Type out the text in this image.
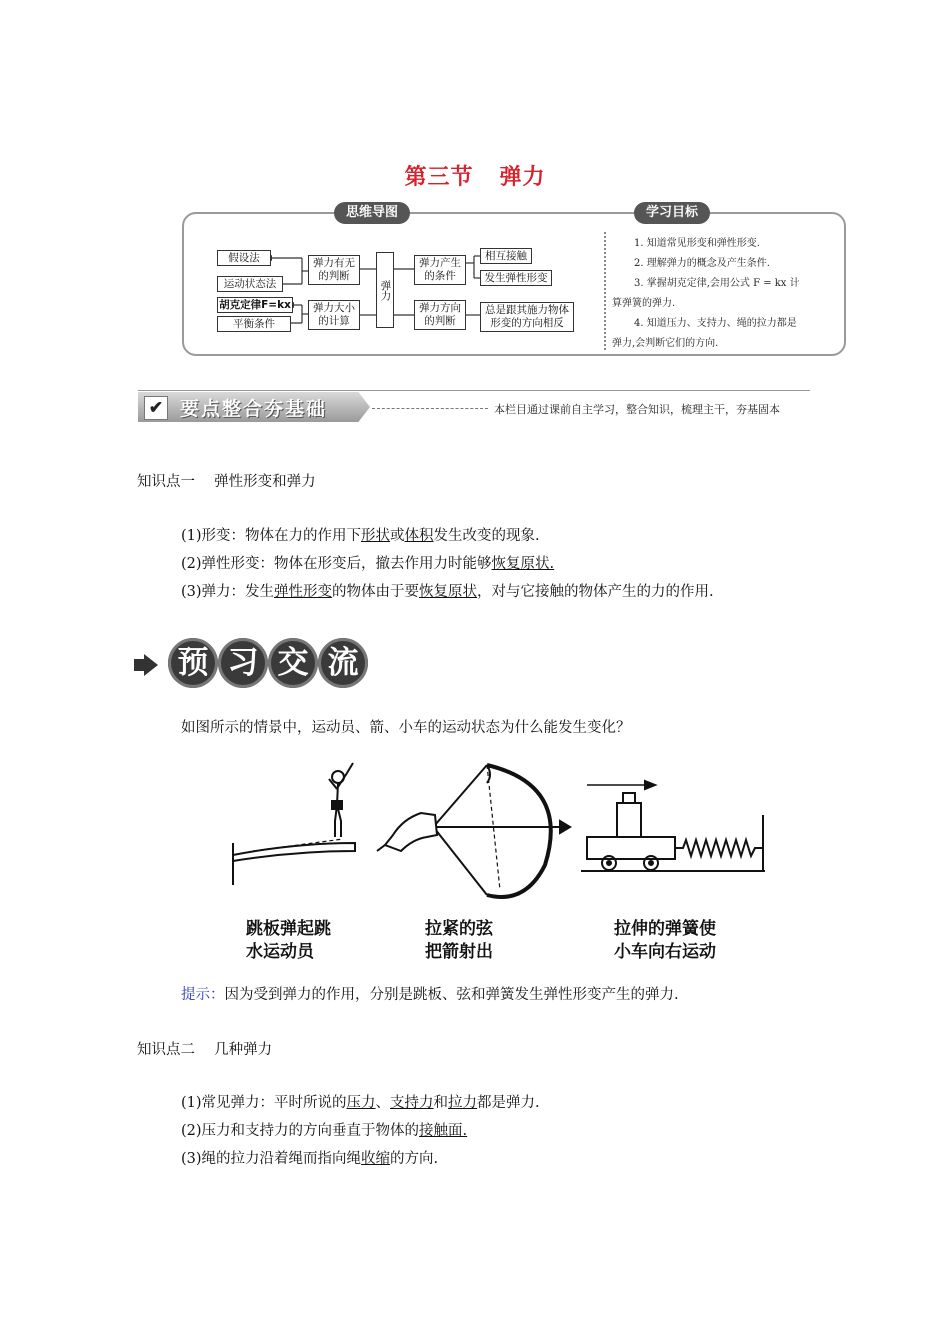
第三节 弹力
思维导图	学习目标
假设法
运动状态法
胡克定律F=kx
平衡条件
弹力有无的判断
弹力大小的计算
弹力
弹力产生的条件
弹力方向的判断
相互接触
发生弹性形变
总是跟其施力物体形变的方向相反
1. 知道常见形变和弹性形变.
2. 理解弹力的概念及产生条件.
3. 掌握胡克定律,会用公式 F = kx 计
算弹簧的弹力.
4. 知道压力、支持力、绳的拉力都是
弹力,会判断它们的方向.
✔ 要点整合夯基础	本栏目通过课前自主学习，整合知识，梳理主干，夯基固本
知识点一　 弹性形变和弹力
(1)形变：物体在力的作用下形状或体积发生改变的现象.
(2)弹性形变：物体在形变后，撤去作用力时能够恢复原状.
(3)弹力：发生弹性形变的物体由于要恢复原状，对与它接触的物体产生的力的作用.
预 习 交 流
如图所示的情景中，运动员、箭、小车的运动状态为什么能发生变化？
跳板弹起跳
水运动员
拉紧的弦
把箭射出
拉伸的弹簧使
小车向右运动
提示：因为受到弹力的作用，分别是跳板、弦和弹簧发生弹性形变产生的弹力.
知识点二　 几种弹力
(1)常见弹力：平时所说的压力、支持力和拉力都是弹力.
(2)压力和支持力的方向垂直于物体的接触面.
(3)绳的拉力沿着绳而指向绳收缩的方向.
